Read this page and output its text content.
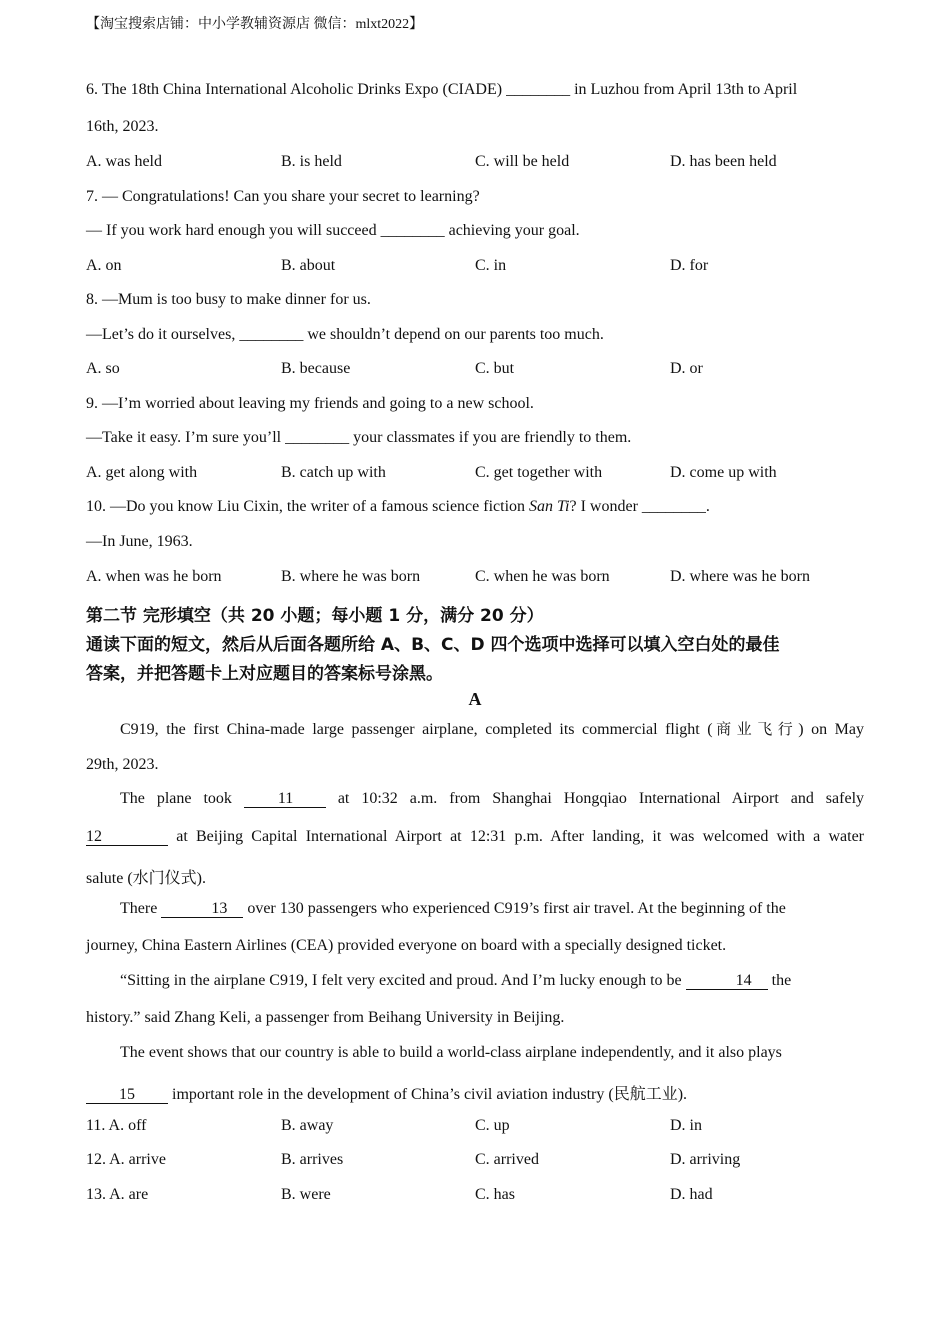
【淘宝搜索店铺：中小学教辅资源店 微信：mlxt2022】
6. The 18th China International Alcoholic Drinks Expo (CIADE) ________ in Luzhou from April 13th to April
16th, 2023.
A. was held	B. is held	C. will be held	D. has been held
7. — Congratulations! Can you share your secret to learning?
— If you work hard enough you will succeed ________ achieving your goal.
A. on	B. about	C. in	D. for
8. —Mum is too busy to make dinner for us.
—Let’s do it ourselves, ________ we shouldn’t depend on our parents too much.
A. so	B. because	C. but	D. or
9. —I’m worried about leaving my friends and going to a new school.
—Take it easy. I’m sure you’ll ________ your classmates if you are friendly to them.
A. get along with	B. catch up with	C. get together with	D. come up with
10. —Do you know Liu Cixin, the writer of a famous science fiction San Ti? I wonder ________.
—In June, 1963.
A. when was he born	B. where he was born	C. when he was born	D. where was he born
第二节 完形填空（共 20 小题；每小题 1 分，满分 20 分）
通读下面的短文，然后从后面各题所给 A、B、C、D 四个选项中选择可以填入空白处的最佳
答案，并把答题卡上对应题目的答案标号涂黑。
A
C919, the first China-made large passenger airplane, completed its commercial flight (商业飞行) on May
29th, 2023.
The plane took	11	at 10:32 a.m. from Shanghai Hongqiao International Airport and safely
12	at Beijing Capital International Airport at 12:31 p.m. After landing, it was welcomed with a water
salute (水门仪式).
There	13 over 130 passengers who experienced C919’s first air travel. At the beginning of the
journey, China Eastern Airlines (CEA) provided everyone on board with a specially designed ticket.
“Sitting in the airplane C919, I felt very excited and proud. And I’m lucky enough to be	14 the
history.” said Zhang Keli, a passenger from Beihang University in Beijing.
The event shows that our country is able to build a world-class airplane independently, and it also plays
15 important role in the development of China’s civil aviation industry (民航工业).
11. A. off	B. away	C. up	D. in
12. A. arrive	B. arrives	C. arrived	D. arriving
13. A. are	B. were	C. has	D. had
